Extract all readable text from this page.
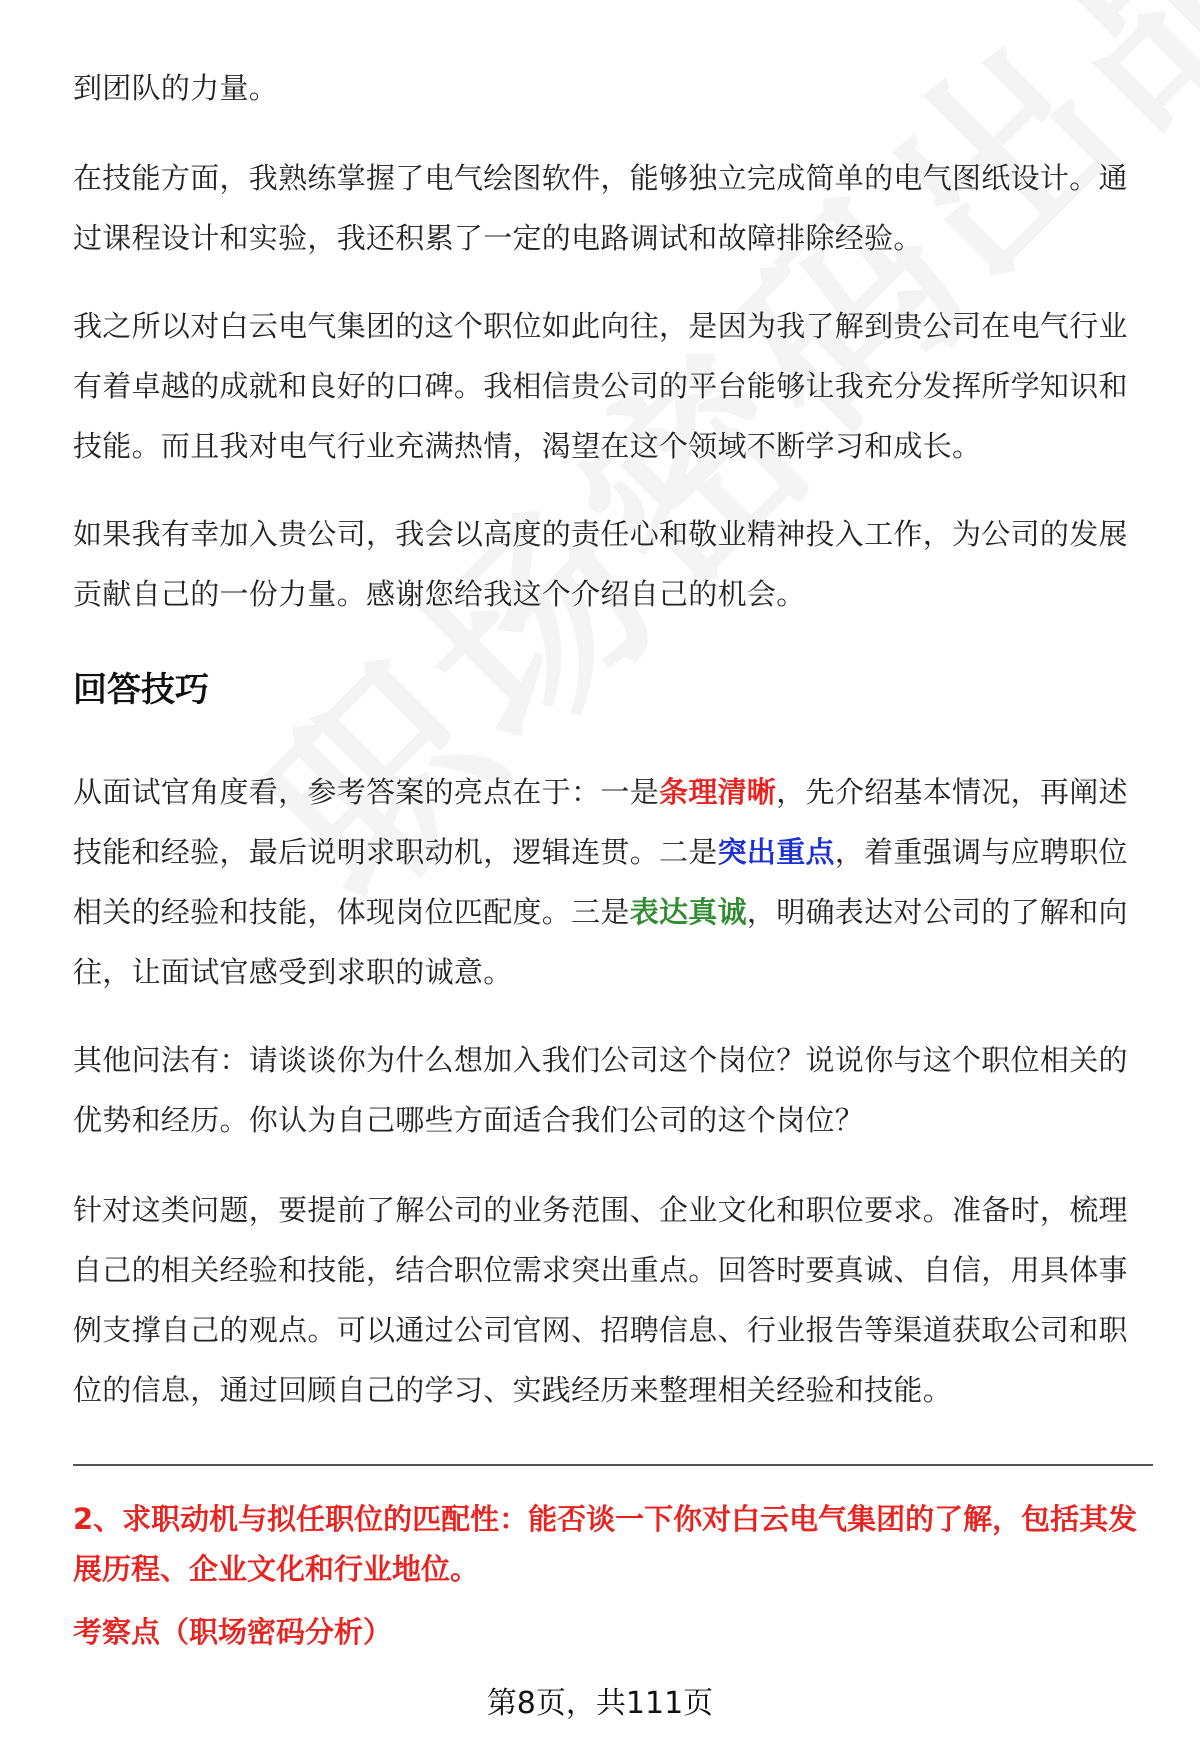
到团队的力量。

在技能方面，我熟练掌握了电气绘图软件，能够独立完成简单的电气图纸设计。通过课程设计和实验，我还积累了一定的电路调试和故障排除经验。

我之所以对白云电气集团的这个职位如此向往，是因为我了解到贵公司在电气行业有着卓越的成就和良好的口碑。我相信贵公司的平台能够让我充分发挥所学知识和技能。而且我对电气行业充满热情，渴望在这个领域不断学习和成长。

如果我有幸加入贵公司，我会以高度的责任心和敬业精神投入工作，为公司的发展贡献自己的一份力量。感谢您给我这个介绍自己的机会。

回答技巧

从面试官角度看，参考答案的亮点在于：一是条理清晰，先介绍基本情况，再阐述技能和经验，最后说明求职动机，逻辑连贯。二是突出重点，着重强调与应聘职位相关的经验和技能，体现岗位匹配度。三是表达真诚，明确表达对公司的了解和向往，让面试官感受到求职的诚意。

其他问法有：请谈谈你为什么想加入我们公司这个岗位？说说你与这个职位相关的优势和经历。你认为自己哪些方面适合我们公司的这个岗位？

针对这类问题，要提前了解公司的业务范围、企业文化和职位要求。准备时，梳理自己的相关经验和技能，结合职位需求突出重点。回答时要真诚、自信，用具体事例支撑自己的观点。可以通过公司官网、招聘信息、行业报告等渠道获取公司和职位的信息，通过回顾自己的学习、实践经历来整理相关经验和技能。

2、求职动机与拟任职位的匹配性：能否谈一下你对白云电气集团的了解，包括其发展历程、企业文化和行业地位。

考察点（职场密码分析）

第8页，共111页
